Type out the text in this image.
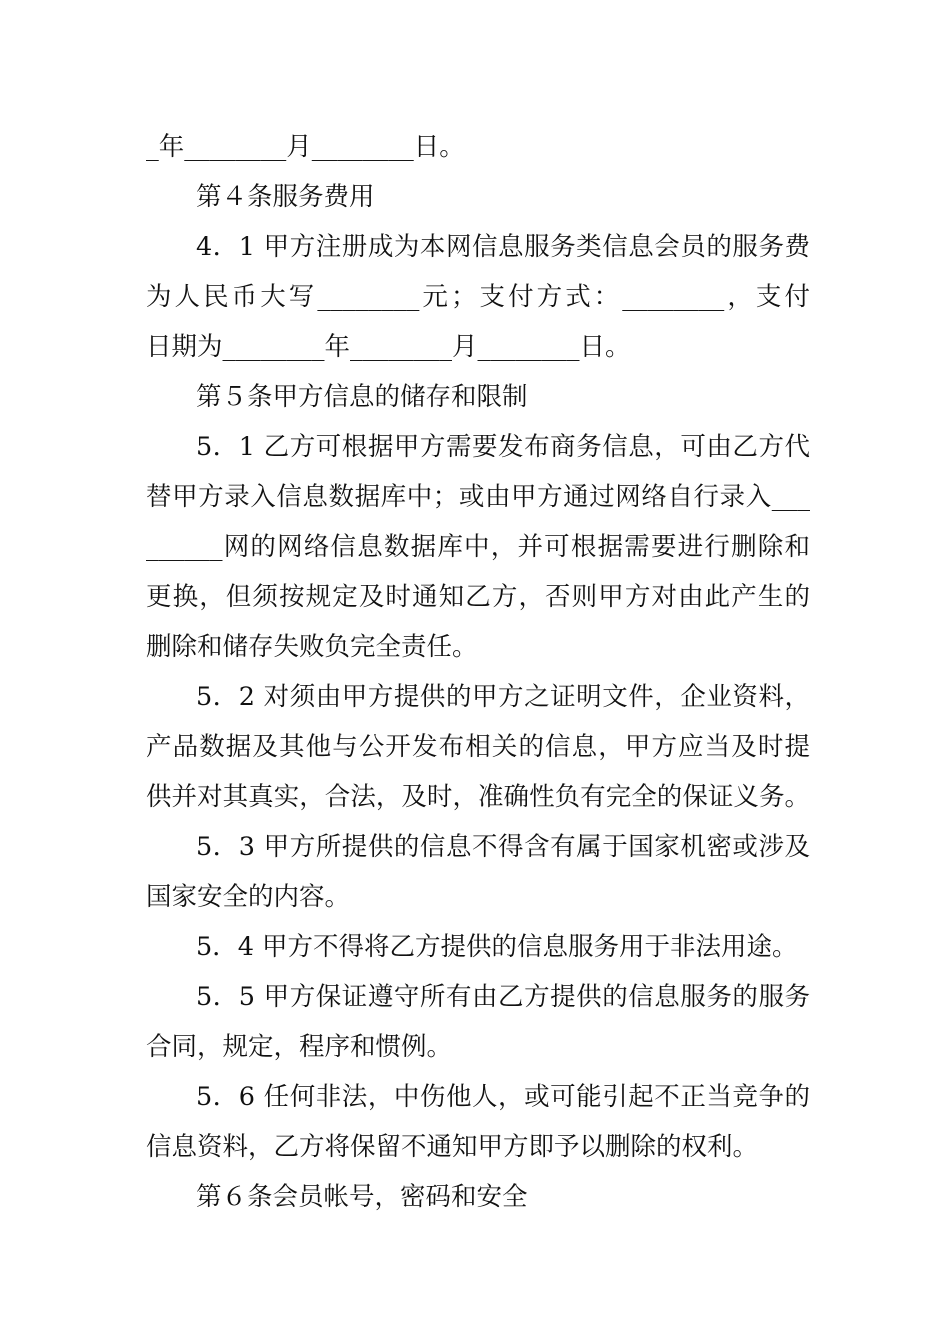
_年________月________日。
第４条服务费用
4．1 甲方注册成为本网信息服务类信息会员的服务费
为人民币大写________元；支付方式：________，支付
日期为________年________月________日。
第５条甲方信息的储存和限制
5．1 乙方可根据甲方需要发布商务信息，可由乙方代
替甲方录入信息数据库中；或由甲方通过网络自行录入___
______网的网络信息数据库中，并可根据需要进行删除和
更换，但须按规定及时通知乙方，否则甲方对由此产生的
删除和储存失败负完全责任。
5．2 对须由甲方提供的甲方之证明文件，企业资料，
产品数据及其他与公开发布相关的信息，甲方应当及时提
供并对其真实，合法，及时，准确性负有完全的保证义务。
5．3 甲方所提供的信息不得含有属于国家机密或涉及
国家安全的内容。
5．4 甲方不得将乙方提供的信息服务用于非法用途。
5．5 甲方保证遵守所有由乙方提供的信息服务的服务
合同，规定，程序和惯例。
5．6 任何非法，中伤他人，或可能引起不正当竞争的
信息资料，乙方将保留不通知甲方即予以删除的权利。
第６条会员帐号，密码和安全
